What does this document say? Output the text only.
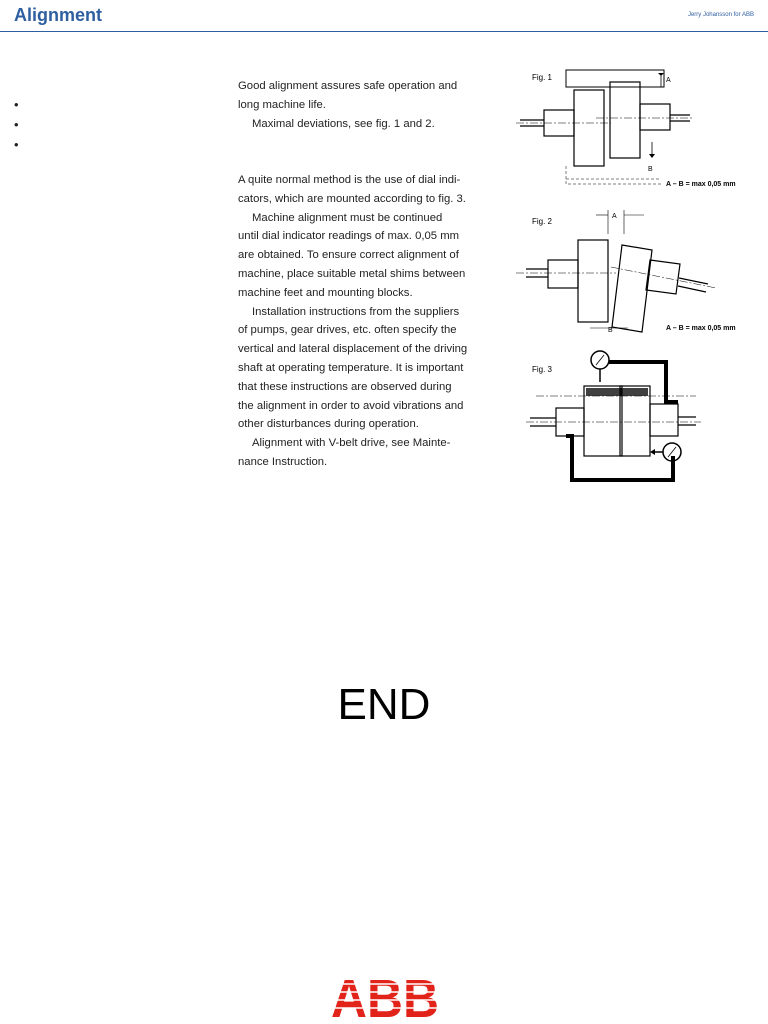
Alignment	Jerry Johansson for ABB
•
•
•

Good alignment assures safe operation and

long machine life.

Maximal deviations, see fig. 1 and 2.

A quite normal method is the use of dial indi-

cators, which are mounted according to fig. 3.

Machine alignment must be continued

until dial indicator readings of max. 0,05 mm

are obtained. To ensure correct alignment of

machine, place suitable metal shims between

machine feet and mounting blocks.

Installation instructions from the suppliers

of pumps, gear drives, etc. often specify the

vertical and lateral displacement of the driving

shaft at operating temperature. It is important

that these instructions are observed during

the alignment in order to avoid vibrations and

other disturbances during operation.

Alignment with V-belt drive, see Mainte-

nance Instruction.

Fig. 1	A
B
A – B = max 0,05 mm
Fig. 2
A
B	A – B = max 0,05 mm
Fig. 3
END
ABB
